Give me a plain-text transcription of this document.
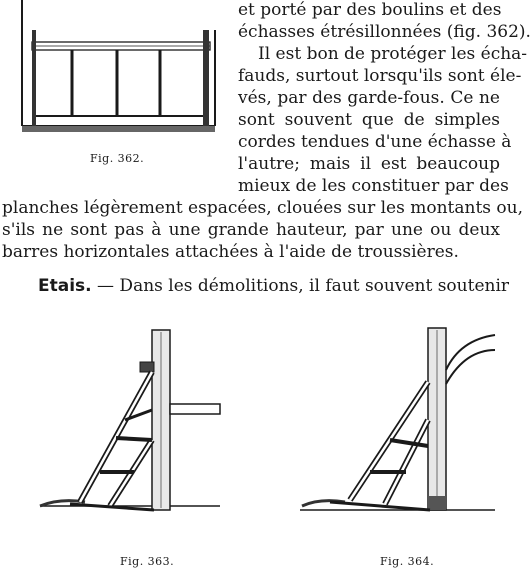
Fig. 362.
et porté par des boulins et des
échasses étrésillonnées (fig. 362).
Il est bon de protéger les écha-
fauds, surtout lorsqu'ils sont éle-
vés, par des garde-fous. Ce ne
sont souvent que de simples
cordes tendues d'une échasse à
l'autre; mais il est beaucoup
mieux de les constituer par des
planches légèrement espacées, clouées sur les montants ou,
s'ils ne sont pas à une grande hauteur, par une ou deux
barres horizontales attachées à l'aide de troussières.
Etais. — Dans les démolitions, il faut souvent soutenir
Fig. 363.	Fig. 364.
